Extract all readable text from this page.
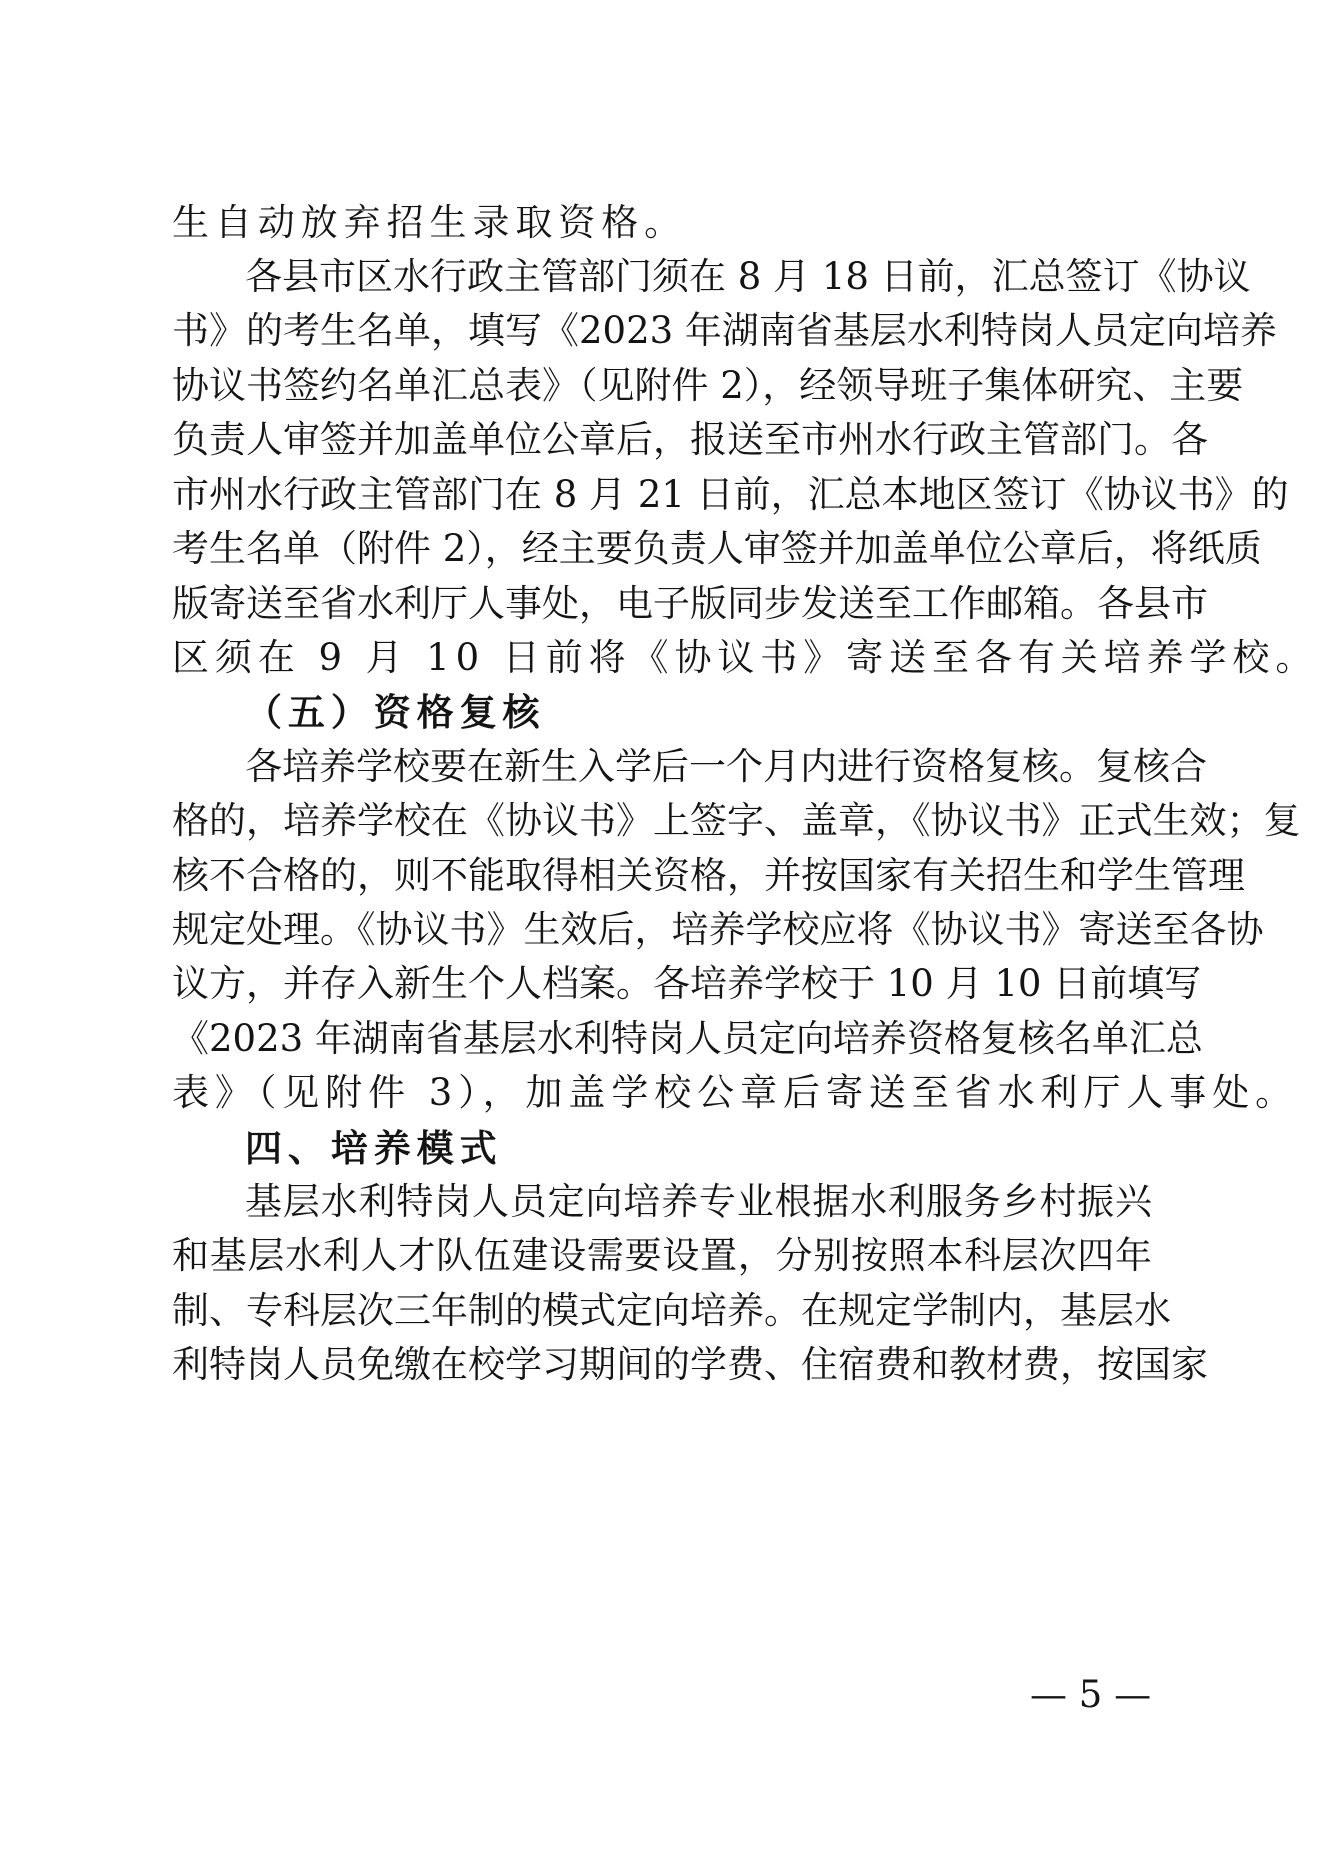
生自动放弃招生录取资格。
各县市区水行政主管部门须在 8 月 18 日前，汇总签订《协议
书》的考生名单，填写《2023 年湖南省基层水利特岗人员定向培养
协议书签约名单汇总表》（见附件 2），经领导班子集体研究、主要
负责人审签并加盖单位公章后，报送至市州水行政主管部门。各
市州水行政主管部门在 8 月 21 日前，汇总本地区签订《协议书》的
考生名单（附件 2），经主要负责人审签并加盖单位公章后，将纸质
版寄送至省水利厅人事处，电子版同步发送至工作邮箱。各县市
区须在 9 月 10 日前将《协议书》寄送至各有关培养学校。
（五）资格复核
各培养学校要在新生入学后一个月内进行资格复核。复核合
格的，培养学校在《协议书》上签字、盖章，《协议书》正式生效；复
核不合格的，则不能取得相关资格，并按国家有关招生和学生管理
规定处理。《协议书》生效后，培养学校应将《协议书》寄送至各协
议方，并存入新生个人档案。各培养学校于 10 月 10 日前填写
《2023 年湖南省基层水利特岗人员定向培养资格复核名单汇总
表》（见附件 3），加盖学校公章后寄送至省水利厅人事处。
四、培养模式
基层水利特岗人员定向培养专业根据水利服务乡村振兴
和基层水利人才队伍建设需要设置，分别按照本科层次四年
制、专科层次三年制的模式定向培养。在规定学制内，基层水
利特岗人员免缴在校学习期间的学费、住宿费和教材费，按国家
— 5 —
